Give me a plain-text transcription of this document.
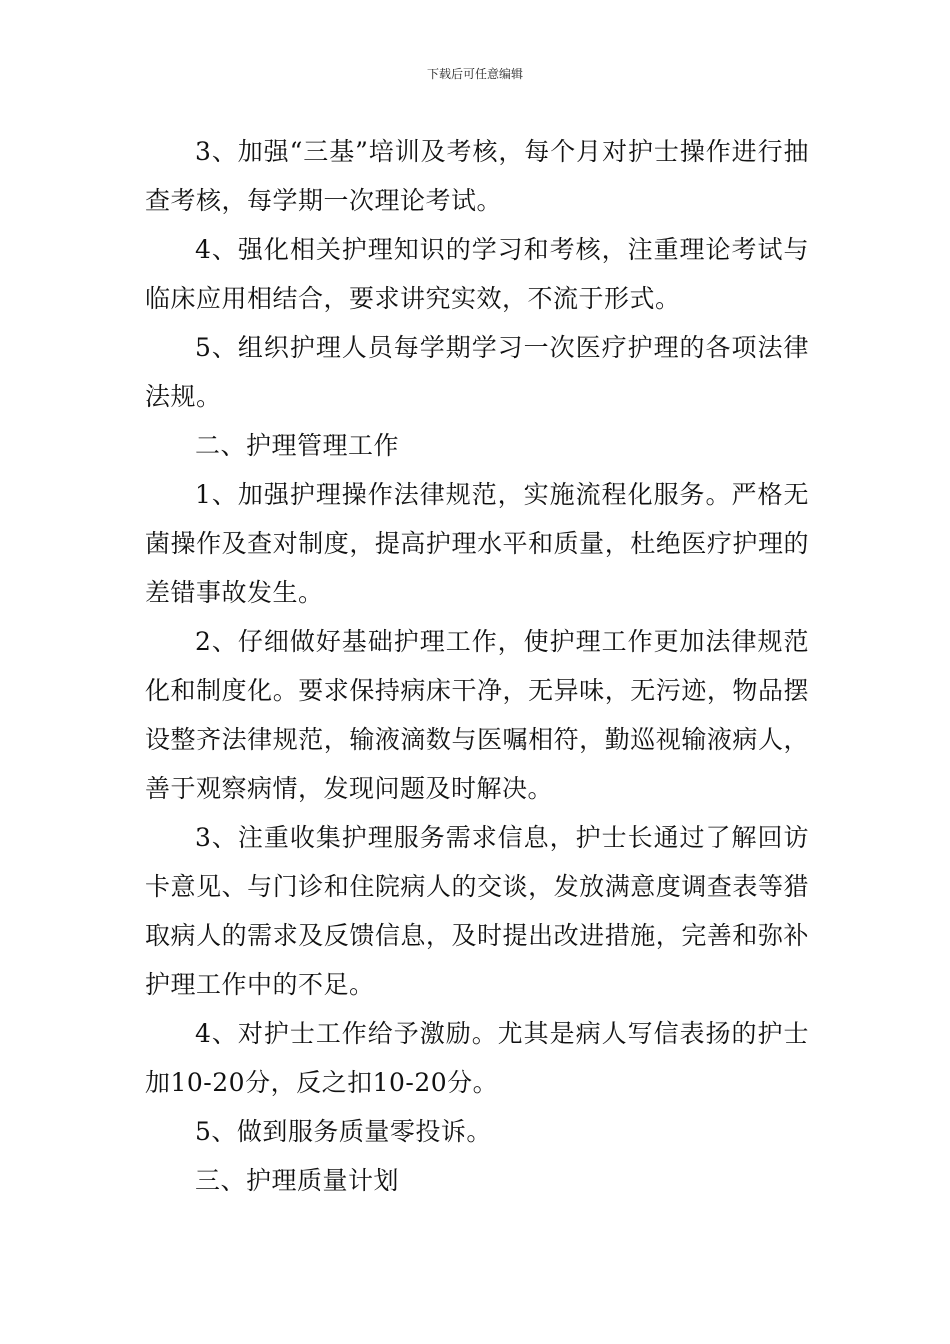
下载后可任意编辑

3、加强“三基”培训及考核，每个月对护士操作进行抽查考核，每学期一次理论考试。

4、强化相关护理知识的学习和考核，注重理论考试与临床应用相结合，要求讲究实效，不流于形式。

5、组织护理人员每学期学习一次医疗护理的各项法律法规。

二、护理管理工作

1、加强护理操作法律规范，实施流程化服务。严格无菌操作及查对制度，提高护理水平和质量，杜绝医疗护理的差错事故发生。

2、仔细做好基础护理工作，使护理工作更加法律规范化和制度化。要求保持病床干净，无异味，无污迹，物品摆设整齐法律规范，输液滴数与医嘱相符，勤巡视输液病人，善于观察病情，发现问题及时解决。

3、注重收集护理服务需求信息，护士长通过了解回访卡意见、与门诊和住院病人的交谈，发放满意度调查表等猎取病人的需求及反馈信息，及时提出改进措施，完善和弥补护理工作中的不足。

4、对护士工作给予激励。尤其是病人写信表扬的护士加10-20分，反之扣10-20分。

5、做到服务质量零投诉。

三、护理质量计划
